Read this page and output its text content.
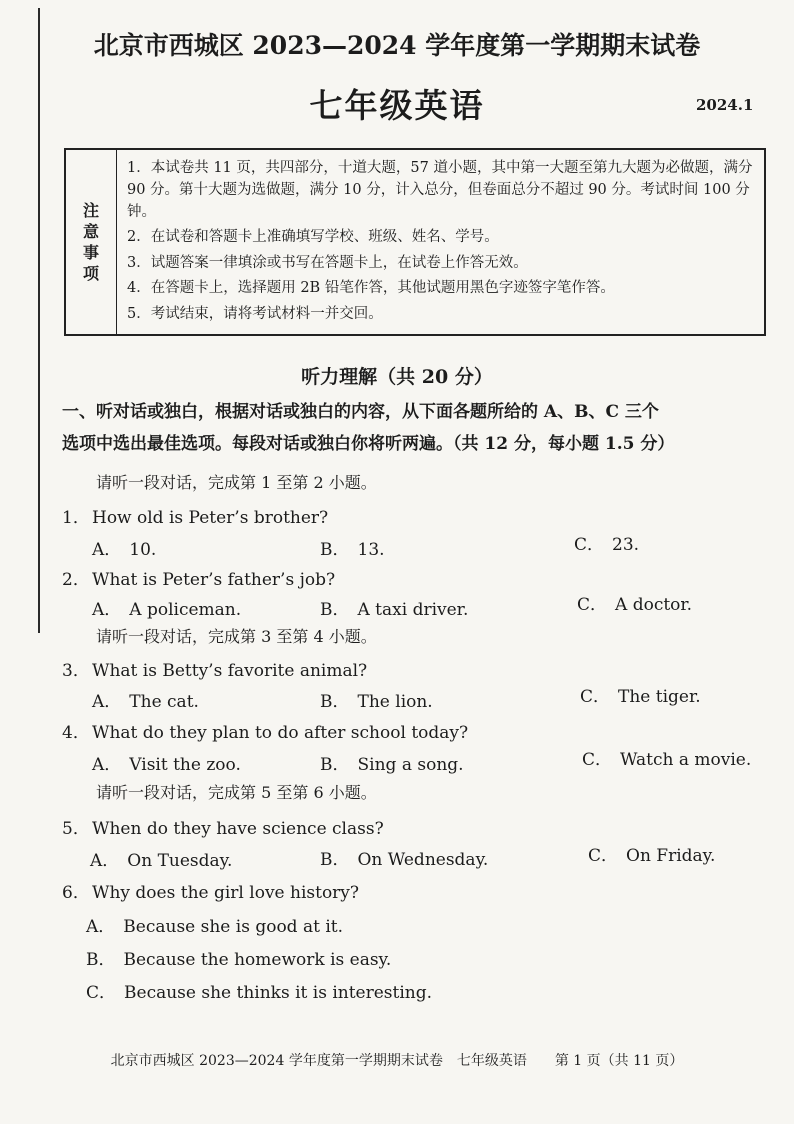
北京市西城区 2023—2024 学年度第一学期期末试卷
七年级英语	2024.1
注
意
事
项
1．本试卷共 11 页，共四部分，十道大题，57 道小题，其中第一大题至第九大题为必做题，满分 90 分。第十大题为选做题，满分 10 分，计入总分，但卷面总分不超过 90 分。考试时间 100 分钟。
2．在试卷和答题卡上准确填写学校、班级、姓名、学号。
3．试题答案一律填涂或书写在答题卡上，在试卷上作答无效。
4．在答题卡上，选择题用 2B 铅笔作答，其他试题用黑色字迹签字笔作答。
5．考试结束，请将考试材料一并交回。
听力理解（共 20 分）
一、听对话或独白，根据对话或独白的内容，从下面各题所给的 A、B、C 三个
选项中选出最佳选项。每段对话或独白你将听两遍。（共 12 分，每小题 1.5 分）
请听一段对话，完成第 1 至第 2 小题。
1． How old is Peter’s brother?
A． 10.	B． 13.	C． 23.
2． What is Peter’s father’s job?
A． A policeman.	B． A taxi driver.	C． A doctor.
请听一段对话，完成第 3 至第 4 小题。
3． What is Betty’s favorite animal?
A． The cat.	B． The lion.	C． The tiger.
4． What do they plan to do after school today?
A． Visit the zoo.	B． Sing a song.	C． Watch a movie.
请听一段对话，完成第 5 至第 6 小题。
5． When do they have science class?
A． On Tuesday.	B． On Wednesday.	C． On Friday.
6． Why does the girl love history?
A． Because she is good at it.
B． Because the homework is easy.
C． Because she thinks it is interesting.
北京市西城区 2023—2024 学年度第一学期期末试卷　七年级英语　　第 1 页（共 11 页）
